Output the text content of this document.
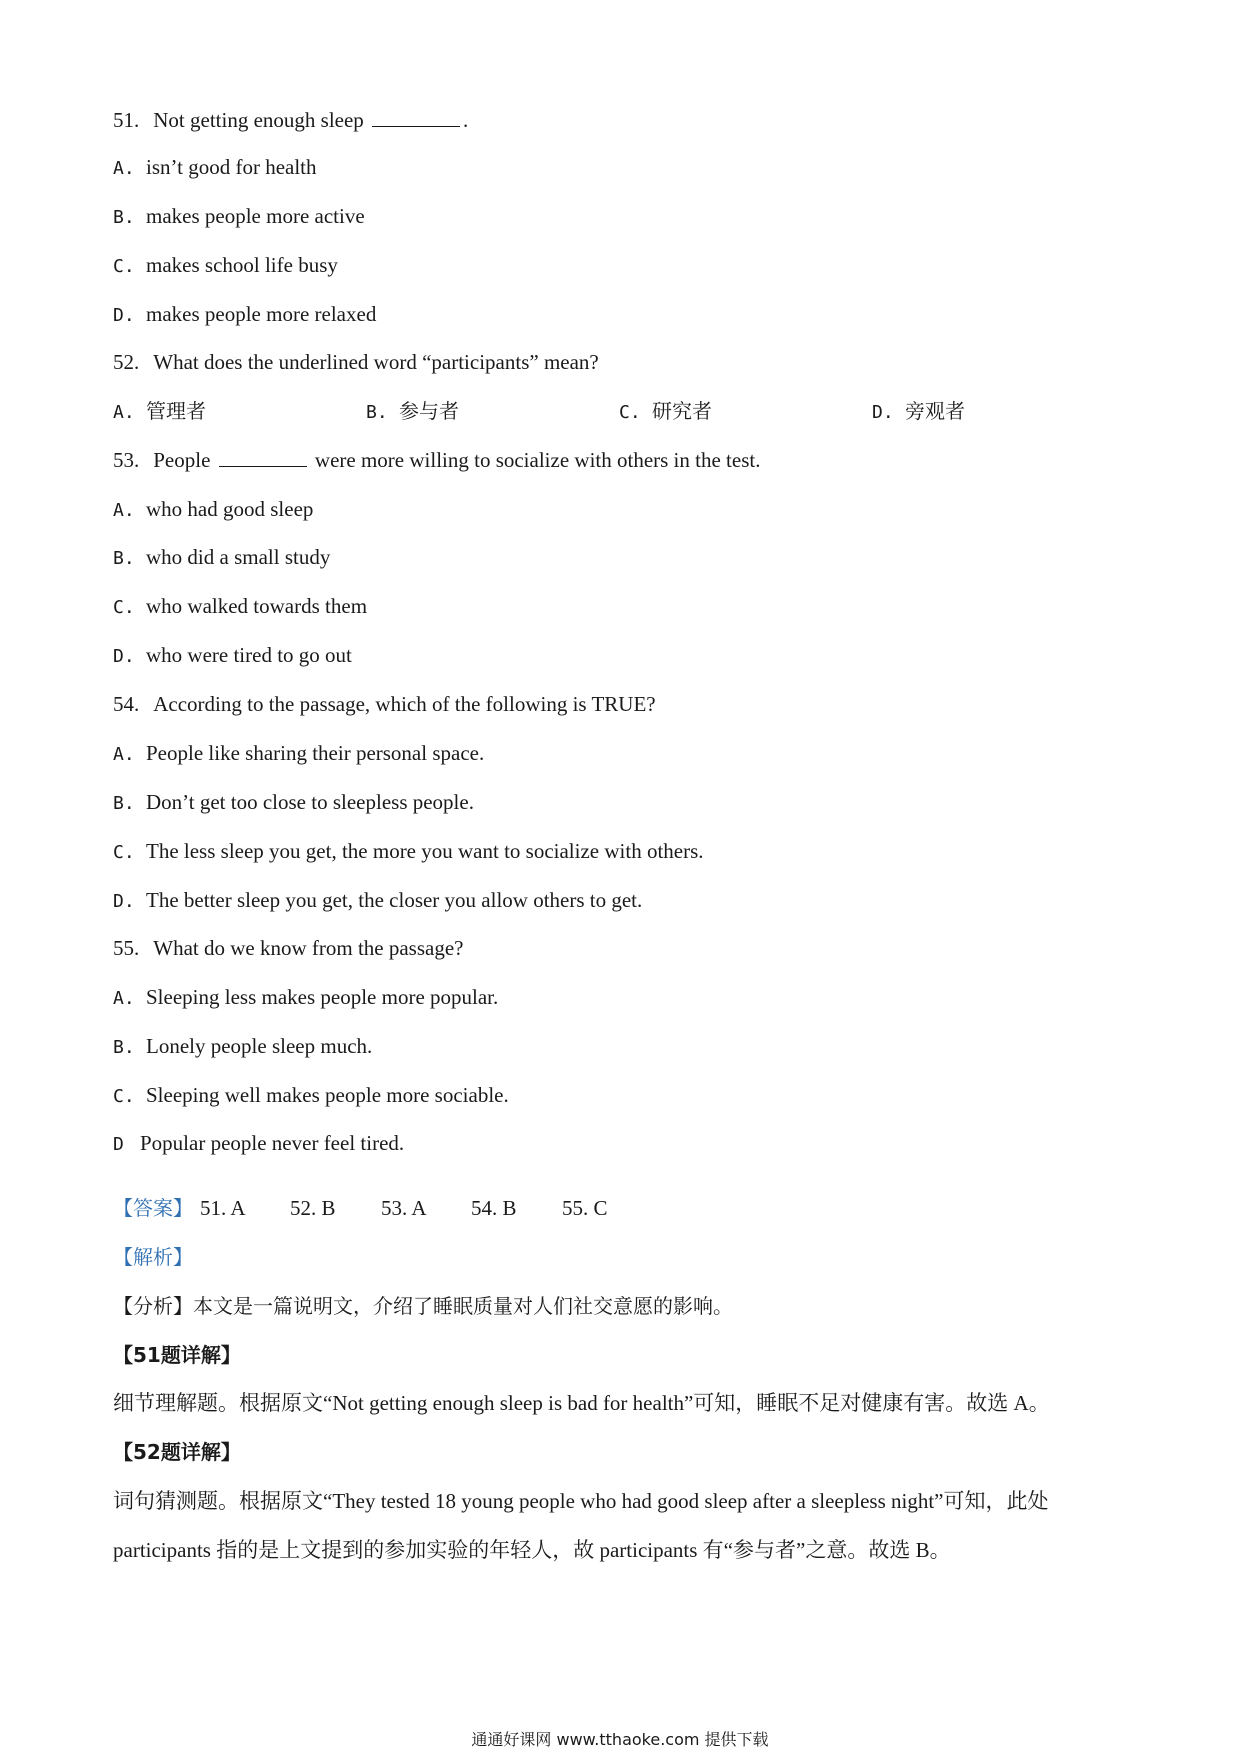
51. Not getting enough sleep	.
A. isn’t good for health
B. makes people more active
C. makes school life busy
D. makes people more relaxed
52. What does the underlined word “participants” mean?
A. 管理者	B. 参与者	C. 研究者	D. 旁观者
53. People	were more willing to socialize with others in the test.
A. who had good sleep
B. who did a small study
C. who walked towards them
D. who were tired to go out
54. According to the passage, which of the following is TRUE?
A. People like sharing their personal space.
B. Don’t get too close to sleepless people.
C. The less sleep you get, the more you want to socialize with others.
D. The better sleep you get, the closer you allow others to get.
55. What do we know from the passage?
A. Sleeping less makes people more popular.
B. Lonely people sleep much.
C. Sleeping well makes people more sociable.
D Popular people never feel tired.
【答案】 51. A 52. B 53. A 54. B 55. C
【解析】
【分析】本文是一篇说明文，介绍了睡眠质量对人们社交意愿的影响。
【51题详解】
细节理解题。根据原文“Not getting enough sleep is bad for health”可知，睡眠不足对健康有害。故选 A。
【52题详解】
词句猜测题。根据原文“They tested 18 young people who had good sleep after a sleepless night”可知，此处
participants 指的是上文提到的参加实验的年轻人，故 participants 有“参与者”之意。故选 B。
通通好课网 www.tthaoke.com 提供下载
